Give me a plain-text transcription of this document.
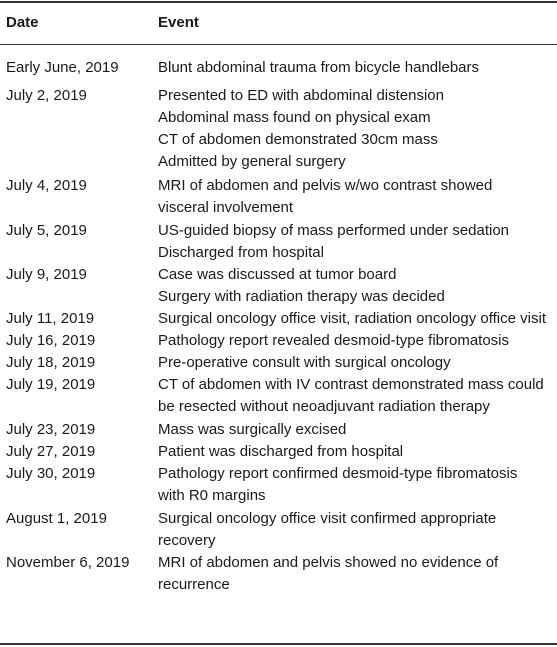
Date	Event
Early June, 2019	Blunt abdominal trauma from bicycle handlebars
July 2, 2019	Presented to ED with abdominal distension
Abdominal mass found on physical exam
CT of abdomen demonstrated 30cm mass
Admitted by general surgery
July 4, 2019	MRI of abdomen and pelvis w/wo contrast showed
visceral involvement
July 5, 2019	US-guided biopsy of mass performed under sedation
Discharged from hospital
July 9, 2019	Case was discussed at tumor board
Surgery with radiation therapy was decided
July 11, 2019	Surgical oncology office visit, radiation oncology office visit
July 16, 2019	Pathology report revealed desmoid-type fibromatosis
July 18, 2019	Pre-operative consult with surgical oncology
July 19, 2019	CT of abdomen with IV contrast demonstrated mass could
be resected without neoadjuvant radiation therapy
July 23, 2019	Mass was surgically excised
July 27, 2019	Patient was discharged from hospital
July 30, 2019	Pathology report confirmed desmoid-type fibromatosis
with R0 margins
August 1, 2019	Surgical oncology office visit confirmed appropriate
recovery
November 6, 2019	MRI of abdomen and pelvis showed no evidence of
recurrence
